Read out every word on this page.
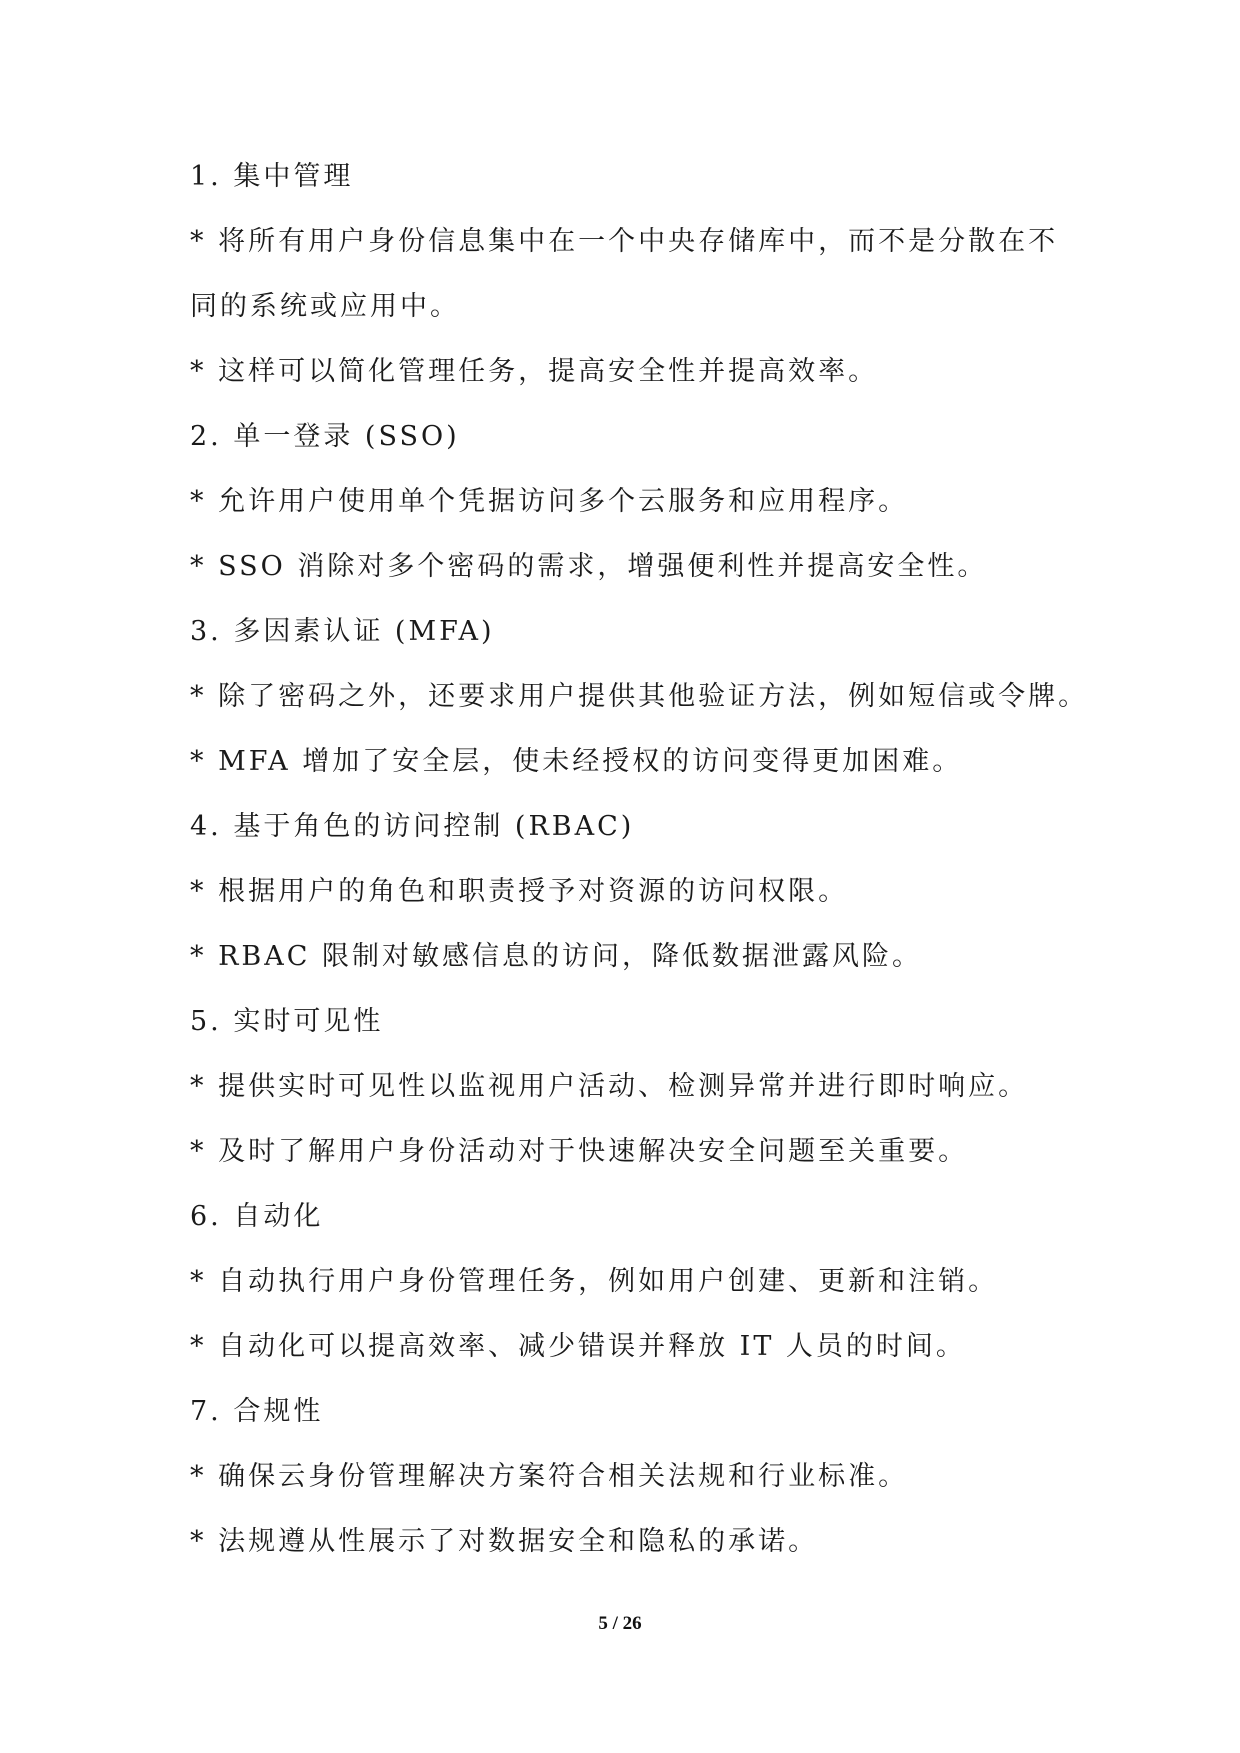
1. 集中管理

* 将所有用户身份信息集中在一个中央存储库中，而不是分散在不

同的系统或应用中。

* 这样可以简化管理任务，提高安全性并提高效率。

2. 单一登录 (SSO)

* 允许用户使用单个凭据访问多个云服务和应用程序。

* SSO 消除对多个密码的需求，增强便利性并提高安全性。

3. 多因素认证 (MFA)

* 除了密码之外，还要求用户提供其他验证方法，例如短信或令牌。

* MFA 增加了安全层，使未经授权的访问变得更加困难。

4. 基于角色的访问控制 (RBAC)

* 根据用户的角色和职责授予对资源的访问权限。

* RBAC 限制对敏感信息的访问，降低数据泄露风险。

5. 实时可见性

* 提供实时可见性以监视用户活动、检测异常并进行即时响应。

* 及时了解用户身份活动对于快速解决安全问题至关重要。

6. 自动化

* 自动执行用户身份管理任务，例如用户创建、更新和注销。

* 自动化可以提高效率、减少错误并释放 IT 人员的时间。

7. 合规性

* 确保云身份管理解决方案符合相关法规和行业标准。

* 法规遵从性展示了对数据安全和隐私的承诺。

5 / 26
